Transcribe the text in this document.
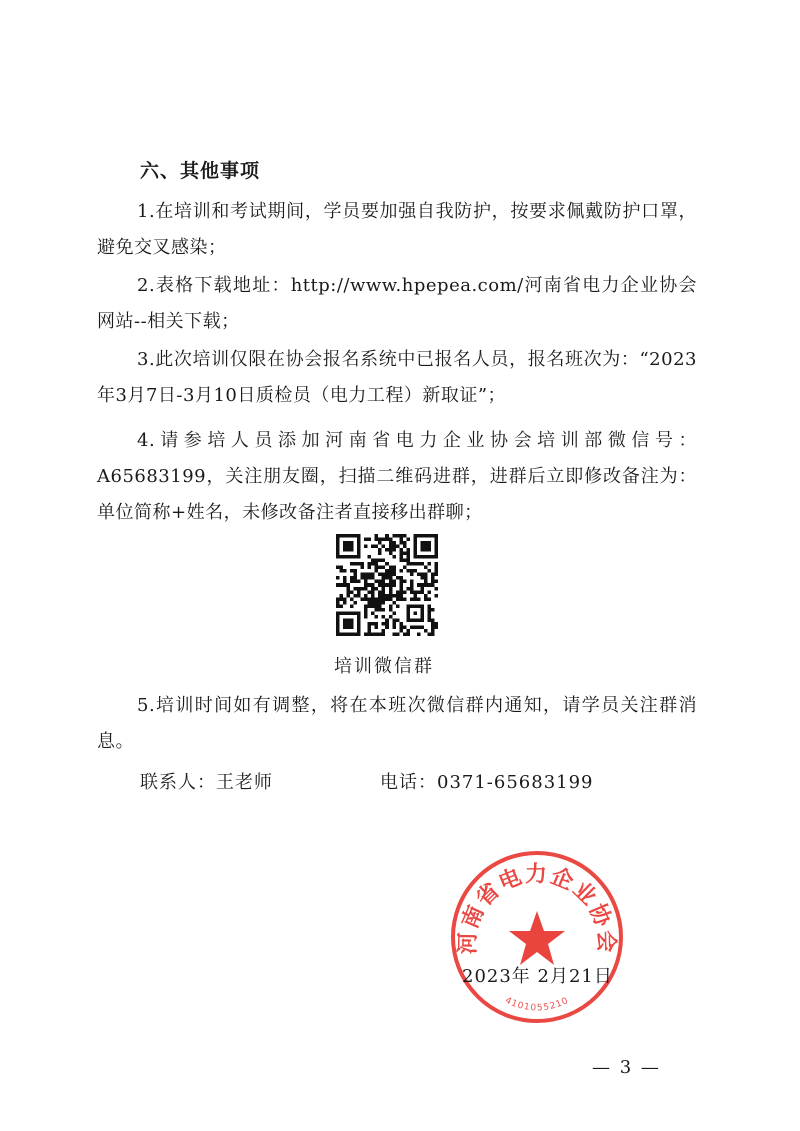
六、其他事项

1.在培训和考试期间，学员要加强自我防护，按要求佩戴防护口罩，避免交叉感染；

2.表格下载地址：http://www.hpepea.com/河南省电力企业协会网站--相关下载；

3.此次培训仅限在协会报名系统中已报名人员，报名班次为：“2023年3月7日-3月10日质检员（电力工程）新取证”；

4.请参培人员添加河南省电力企业协会培训部微信号：A65683199，关注朋友圈，扫描二维码进群，进群后立即修改备注为：单位简称+姓名，未修改备注者直接移出群聊；

培训微信群

5.培训时间如有调整，将在本班次微信群内通知，请学员关注群消息。

联系人：王老师	电话：0371-65683199
河南省电力企业协会
4101055210
2023年 2月21日
— 3 —
